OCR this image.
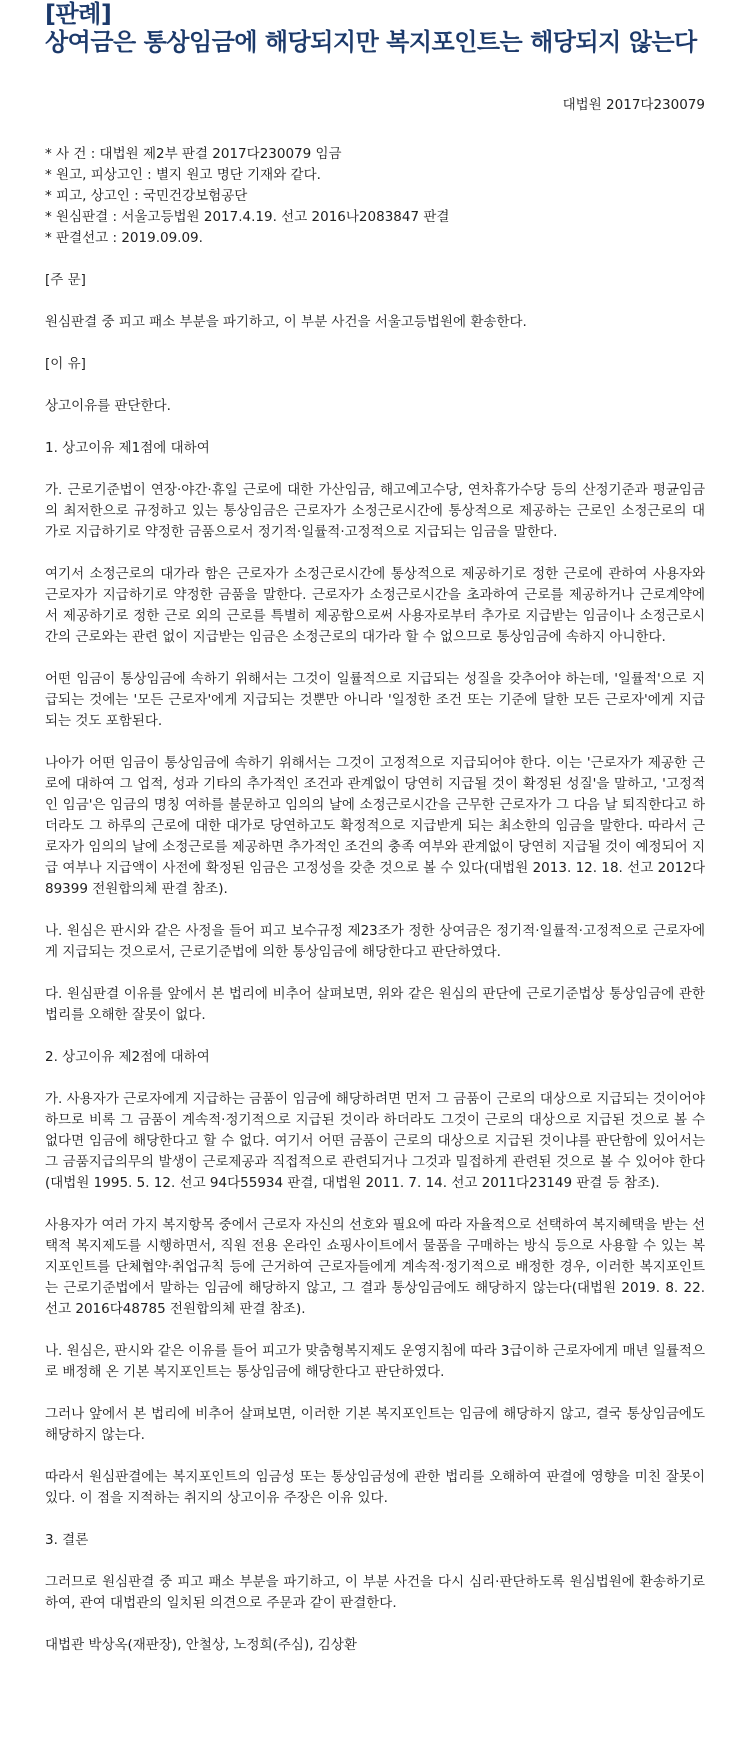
[판례]
상여금은 통상임금에 해당되지만 복지포인트는 해당되지 않는다
대법원 2017다230079
* 사 건 : 대법원 제2부 판결 2017다230079 임금
* 원고, 피상고인 : 별지 원고 명단 기재와 같다.
* 피고, 상고인 : 국민건강보험공단
* 원심판결 : 서울고등법원 2017.4.19. 선고 2016나2083847 판결
* 판결선고 : 2019.09.09.

[주 문]

원심판결 중 피고 패소 부분을 파기하고, 이 부분 사건을 서울고등법원에 환송한다.

[이 유]

상고이유를 판단한다.

1. 상고이유 제1점에 대하여

가. 근로기준법이 연장·야간·휴일 근로에 대한 가산임금, 해고예고수당, 연차휴가수당 등의 산정기준과 평균임금의 최저한으로 규정하고 있는 통상임금은 근로자가 소정근로시간에 통상적으로 제공하는 근로인 소정근로의 대가로 지급하기로 약정한 금품으로서 정기적·일률적·고정적으로 지급되는 임금을 말한다.

여기서 소정근로의 대가라 함은 근로자가 소정근로시간에 통상적으로 제공하기로 정한 근로에 관하여 사용자와 근로자가 지급하기로 약정한 금품을 말한다. 근로자가 소정근로시간을 초과하여 근로를 제공하거나 근로계약에서 제공하기로 정한 근로 외의 근로를 특별히 제공함으로써 사용자로부터 추가로 지급받는 임금이나 소정근로시간의 근로와는 관련 없이 지급받는 임금은 소정근로의 대가라 할 수 없으므로 통상임금에 속하지 아니한다.

어떤 임금이 통상임금에 속하기 위해서는 그것이 일률적으로 지급되는 성질을 갖추어야 하는데, '일률적'으로 지급되는 것에는 '모든 근로자'에게 지급되는 것뿐만 아니라 '일정한 조건 또는 기준에 달한 모든 근로자'에게 지급되는 것도 포함된다.

나아가 어떤 임금이 통상임금에 속하기 위해서는 그것이 고정적으로 지급되어야 한다. 이는 '근로자가 제공한 근로에 대하여 그 업적, 성과 기타의 추가적인 조건과 관계없이 당연히 지급될 것이 확정된 성질'을 말하고, '고정적인 임금'은 임금의 명칭 여하를 불문하고 임의의 날에 소정근로시간을 근무한 근로자가 그 다음 날 퇴직한다고 하더라도 그 하루의 근로에 대한 대가로 당연하고도 확정적으로 지급받게 되는 최소한의 임금을 말한다. 따라서 근로자가 임의의 날에 소정근로를 제공하면 추가적인 조건의 충족 여부와 관계없이 당연히 지급될 것이 예정되어 지급 여부나 지급액이 사전에 확정된 임금은 고정성을 갖춘 것으로 볼 수 있다(대법원 2013. 12. 18. 선고 2012다89399 전원합의체 판결 참조).

나. 원심은 판시와 같은 사정을 들어 피고 보수규정 제23조가 정한 상여금은 정기적·일률적·고정적으로 근로자에게 지급되는 것으로서, 근로기준법에 의한 통상임금에 해당한다고 판단하였다.

다. 원심판결 이유를 앞에서 본 법리에 비추어 살펴보면, 위와 같은 원심의 판단에 근로기준법상 통상임금에 관한 법리를 오해한 잘못이 없다.

2. 상고이유 제2점에 대하여

가. 사용자가 근로자에게 지급하는 금품이 임금에 해당하려면 먼저 그 금품이 근로의 대상으로 지급되는 것이어야 하므로 비록 그 금품이 계속적·정기적으로 지급된 것이라 하더라도 그것이 근로의 대상으로 지급된 것으로 볼 수 없다면 임금에 해당한다고 할 수 없다. 여기서 어떤 금품이 근로의 대상으로 지급된 것이냐를 판단함에 있어서는 그 금품지급의무의 발생이 근로제공과 직접적으로 관련되거나 그것과 밀접하게 관련된 것으로 볼 수 있어야 한다(대법원 1995. 5. 12. 선고 94다55934 판결, 대법원 2011. 7. 14. 선고 2011다23149 판결 등 참조).

사용자가 여러 가지 복지항목 중에서 근로자 자신의 선호와 필요에 따라 자율적으로 선택하여 복지혜택을 받는 선택적 복지제도를 시행하면서, 직원 전용 온라인 쇼핑사이트에서 물품을 구매하는 방식 등으로 사용할 수 있는 복지포인트를 단체협약·취업규칙 등에 근거하여 근로자들에게 계속적·정기적으로 배정한 경우, 이러한 복지포인트는 근로기준법에서 말하는 임금에 해당하지 않고, 그 결과 통상임금에도 해당하지 않는다(대법원 2019. 8. 22. 선고 2016다48785 전원합의체 판결 참조).

나. 원심은, 판시와 같은 이유를 들어 피고가 맞춤형복지제도 운영지침에 따라 3급이하 근로자에게 매년 일률적으로 배정해 온 기본 복지포인트는 통상임금에 해당한다고 판단하였다.

그러나 앞에서 본 법리에 비추어 살펴보면, 이러한 기본 복지포인트는 임금에 해당하지 않고, 결국 통상임금에도 해당하지 않는다.

따라서 원심판결에는 복지포인트의 임금성 또는 통상임금성에 관한 법리를 오해하여 판결에 영향을 미친 잘못이 있다. 이 점을 지적하는 취지의 상고이유 주장은 이유 있다.

3. 결론

그러므로 원심판결 중 피고 패소 부분을 파기하고, 이 부분 사건을 다시 심리·판단하도록 원심법원에 환송하기로 하여, 관여 대법관의 일치된 의견으로 주문과 같이 판결한다.

대법관 박상옥(재판장), 안철상, 노정희(주심), 김상환
